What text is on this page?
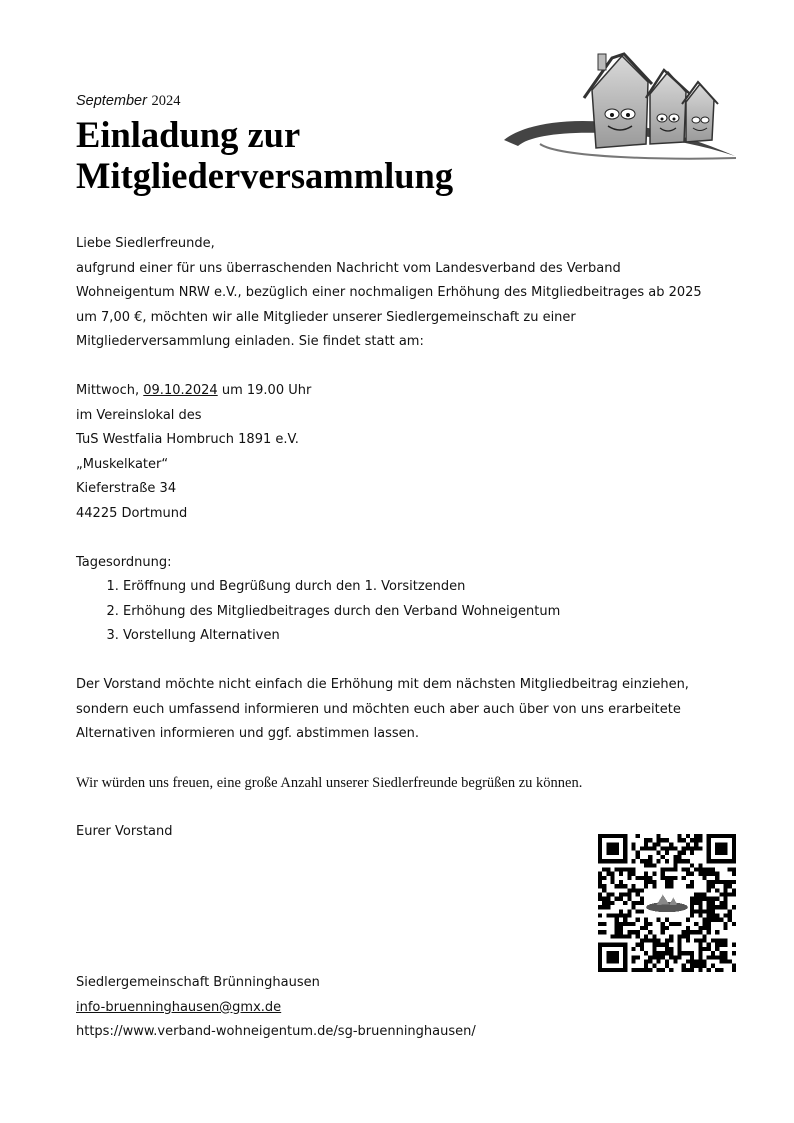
September 2024
Einladung zur
Mitgliederversammlung

Liebe Siedlerfreunde,

aufgrund einer für uns überraschenden Nachricht vom Landesverband des Verband

Wohneigentum NRW e.V., bezüglich einer nochmaligen Erhöhung des Mitgliedbeitrages ab 2025

um 7,00 €, möchten wir alle Mitglieder unserer Siedlergemeinschaft zu einer

Mitgliederversammlung einladen. Sie findet statt am:

Mittwoch, 09.10.2024 um 19.00 Uhr

im Vereinslokal des

TuS Westfalia Hombruch 1891 e.V.

„Muskelkater“

Kieferstraße 34

44225 Dortmund

Tagesordnung:

1. Eröffnung und Begrüßung durch den 1. Vorsitzenden
2. Erhöhung des Mitgliedbeitrages durch den Verband Wohneigentum
3. Vorstellung Alternativen

Der Vorstand möchte nicht einfach die Erhöhung mit dem nächsten Mitgliedbeitrag einziehen,

sondern euch umfassend informieren und möchten euch aber auch über von uns erarbeitete

Alternativen informieren und ggf. abstimmen lassen.

Wir würden uns freuen, eine große Anzahl unserer Siedlerfreunde begrüßen zu können.

Eurer Vorstand

Siedlergemeinschaft Brünninghausen

info-bruenninghausen@gmx.de

https://www.verband-wohneigentum.de/sg-bruenninghausen/
